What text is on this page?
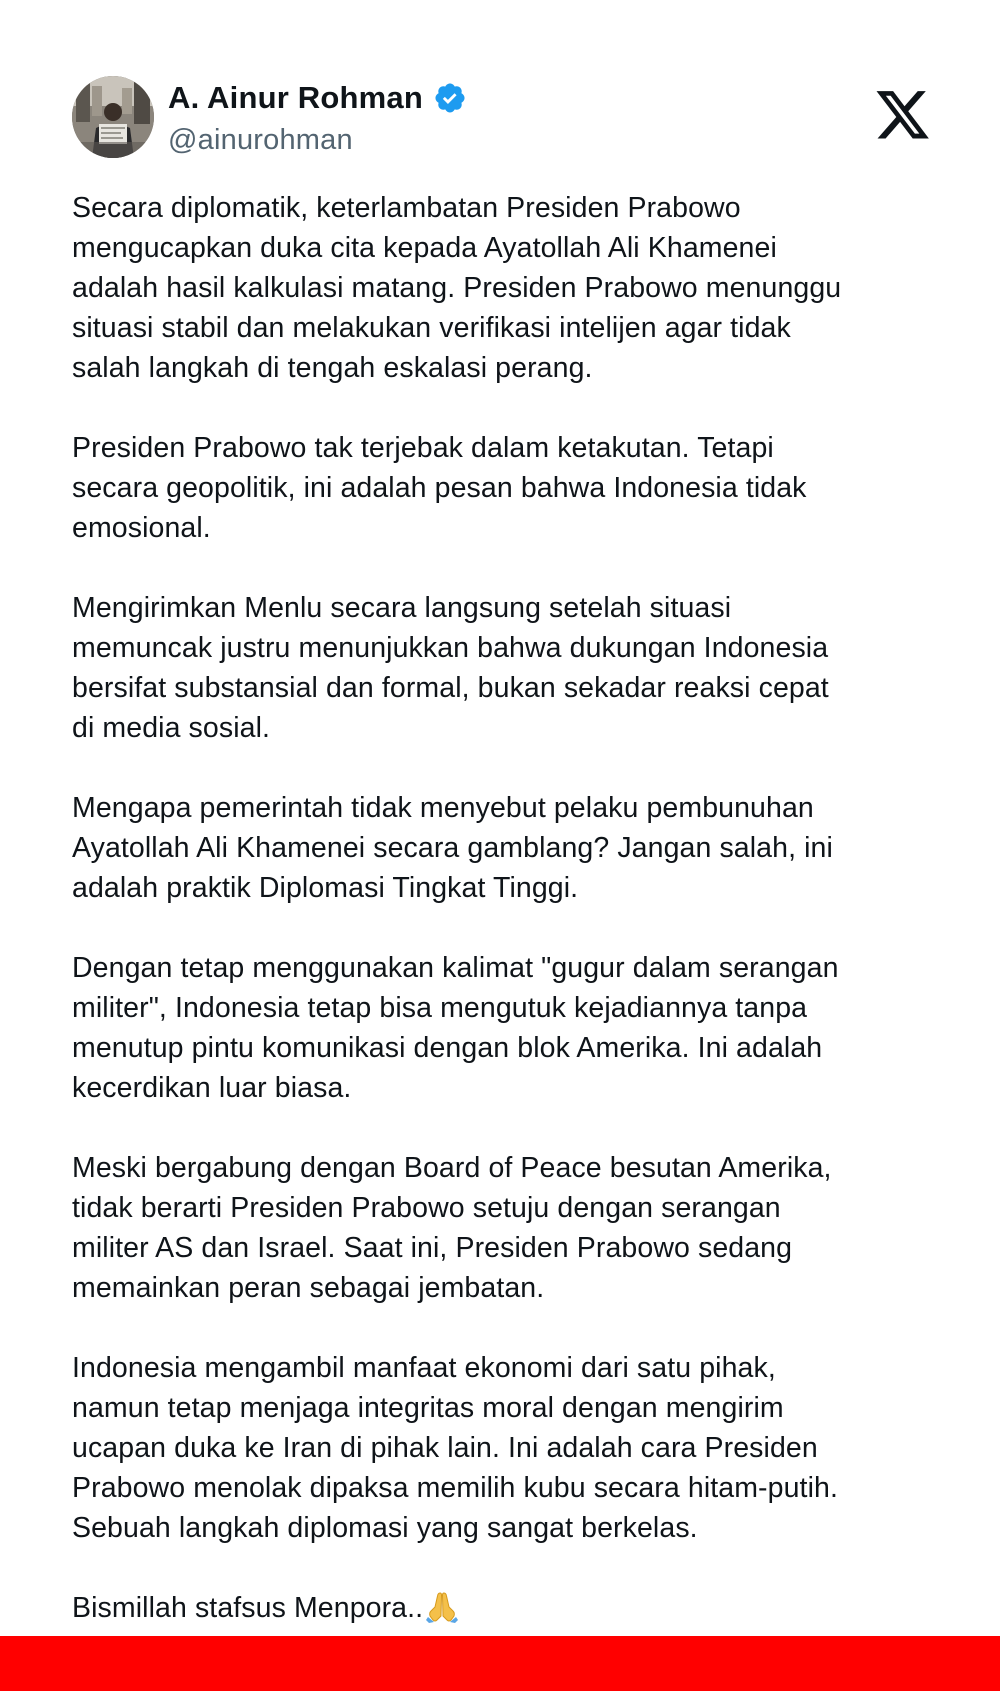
A. Ainur Rohman
@ainurohman

Secara diplomatik, keterlambatan Presiden Prabowo
mengucapkan duka cita kepada Ayatollah Ali Khamenei
adalah hasil kalkulasi matang. Presiden Prabowo menunggu
situasi stabil dan melakukan verifikasi intelijen agar tidak
salah langkah di tengah eskalasi perang.

Presiden Prabowo tak terjebak dalam ketakutan. Tetapi
secara geopolitik, ini adalah pesan bahwa Indonesia tidak
emosional.

Mengirimkan Menlu secara langsung setelah situasi
memuncak justru menunjukkan bahwa dukungan Indonesia
bersifat substansial dan formal, bukan sekadar reaksi cepat
di media sosial.

Mengapa pemerintah tidak menyebut pelaku pembunuhan
Ayatollah Ali Khamenei secara gamblang? Jangan salah, ini
adalah praktik Diplomasi Tingkat Tinggi.

Dengan tetap menggunakan kalimat "gugur dalam serangan
militer", Indonesia tetap bisa mengutuk kejadiannya tanpa
menutup pintu komunikasi dengan blok Amerika. Ini adalah
kecerdikan luar biasa.

Meski bergabung dengan Board of Peace besutan Amerika,
tidak berarti Presiden Prabowo setuju dengan serangan
militer AS dan Israel. Saat ini, Presiden Prabowo sedang
memainkan peran sebagai jembatan.

Indonesia mengambil manfaat ekonomi dari satu pihak,
namun tetap menjaga integritas moral dengan mengirim
ucapan duka ke Iran di pihak lain. Ini adalah cara Presiden
Prabowo menolak dipaksa memilih kubu secara hitam-putih.
Sebuah langkah diplomasi yang sangat berkelas.

Bismillah stafsus Menpora..
